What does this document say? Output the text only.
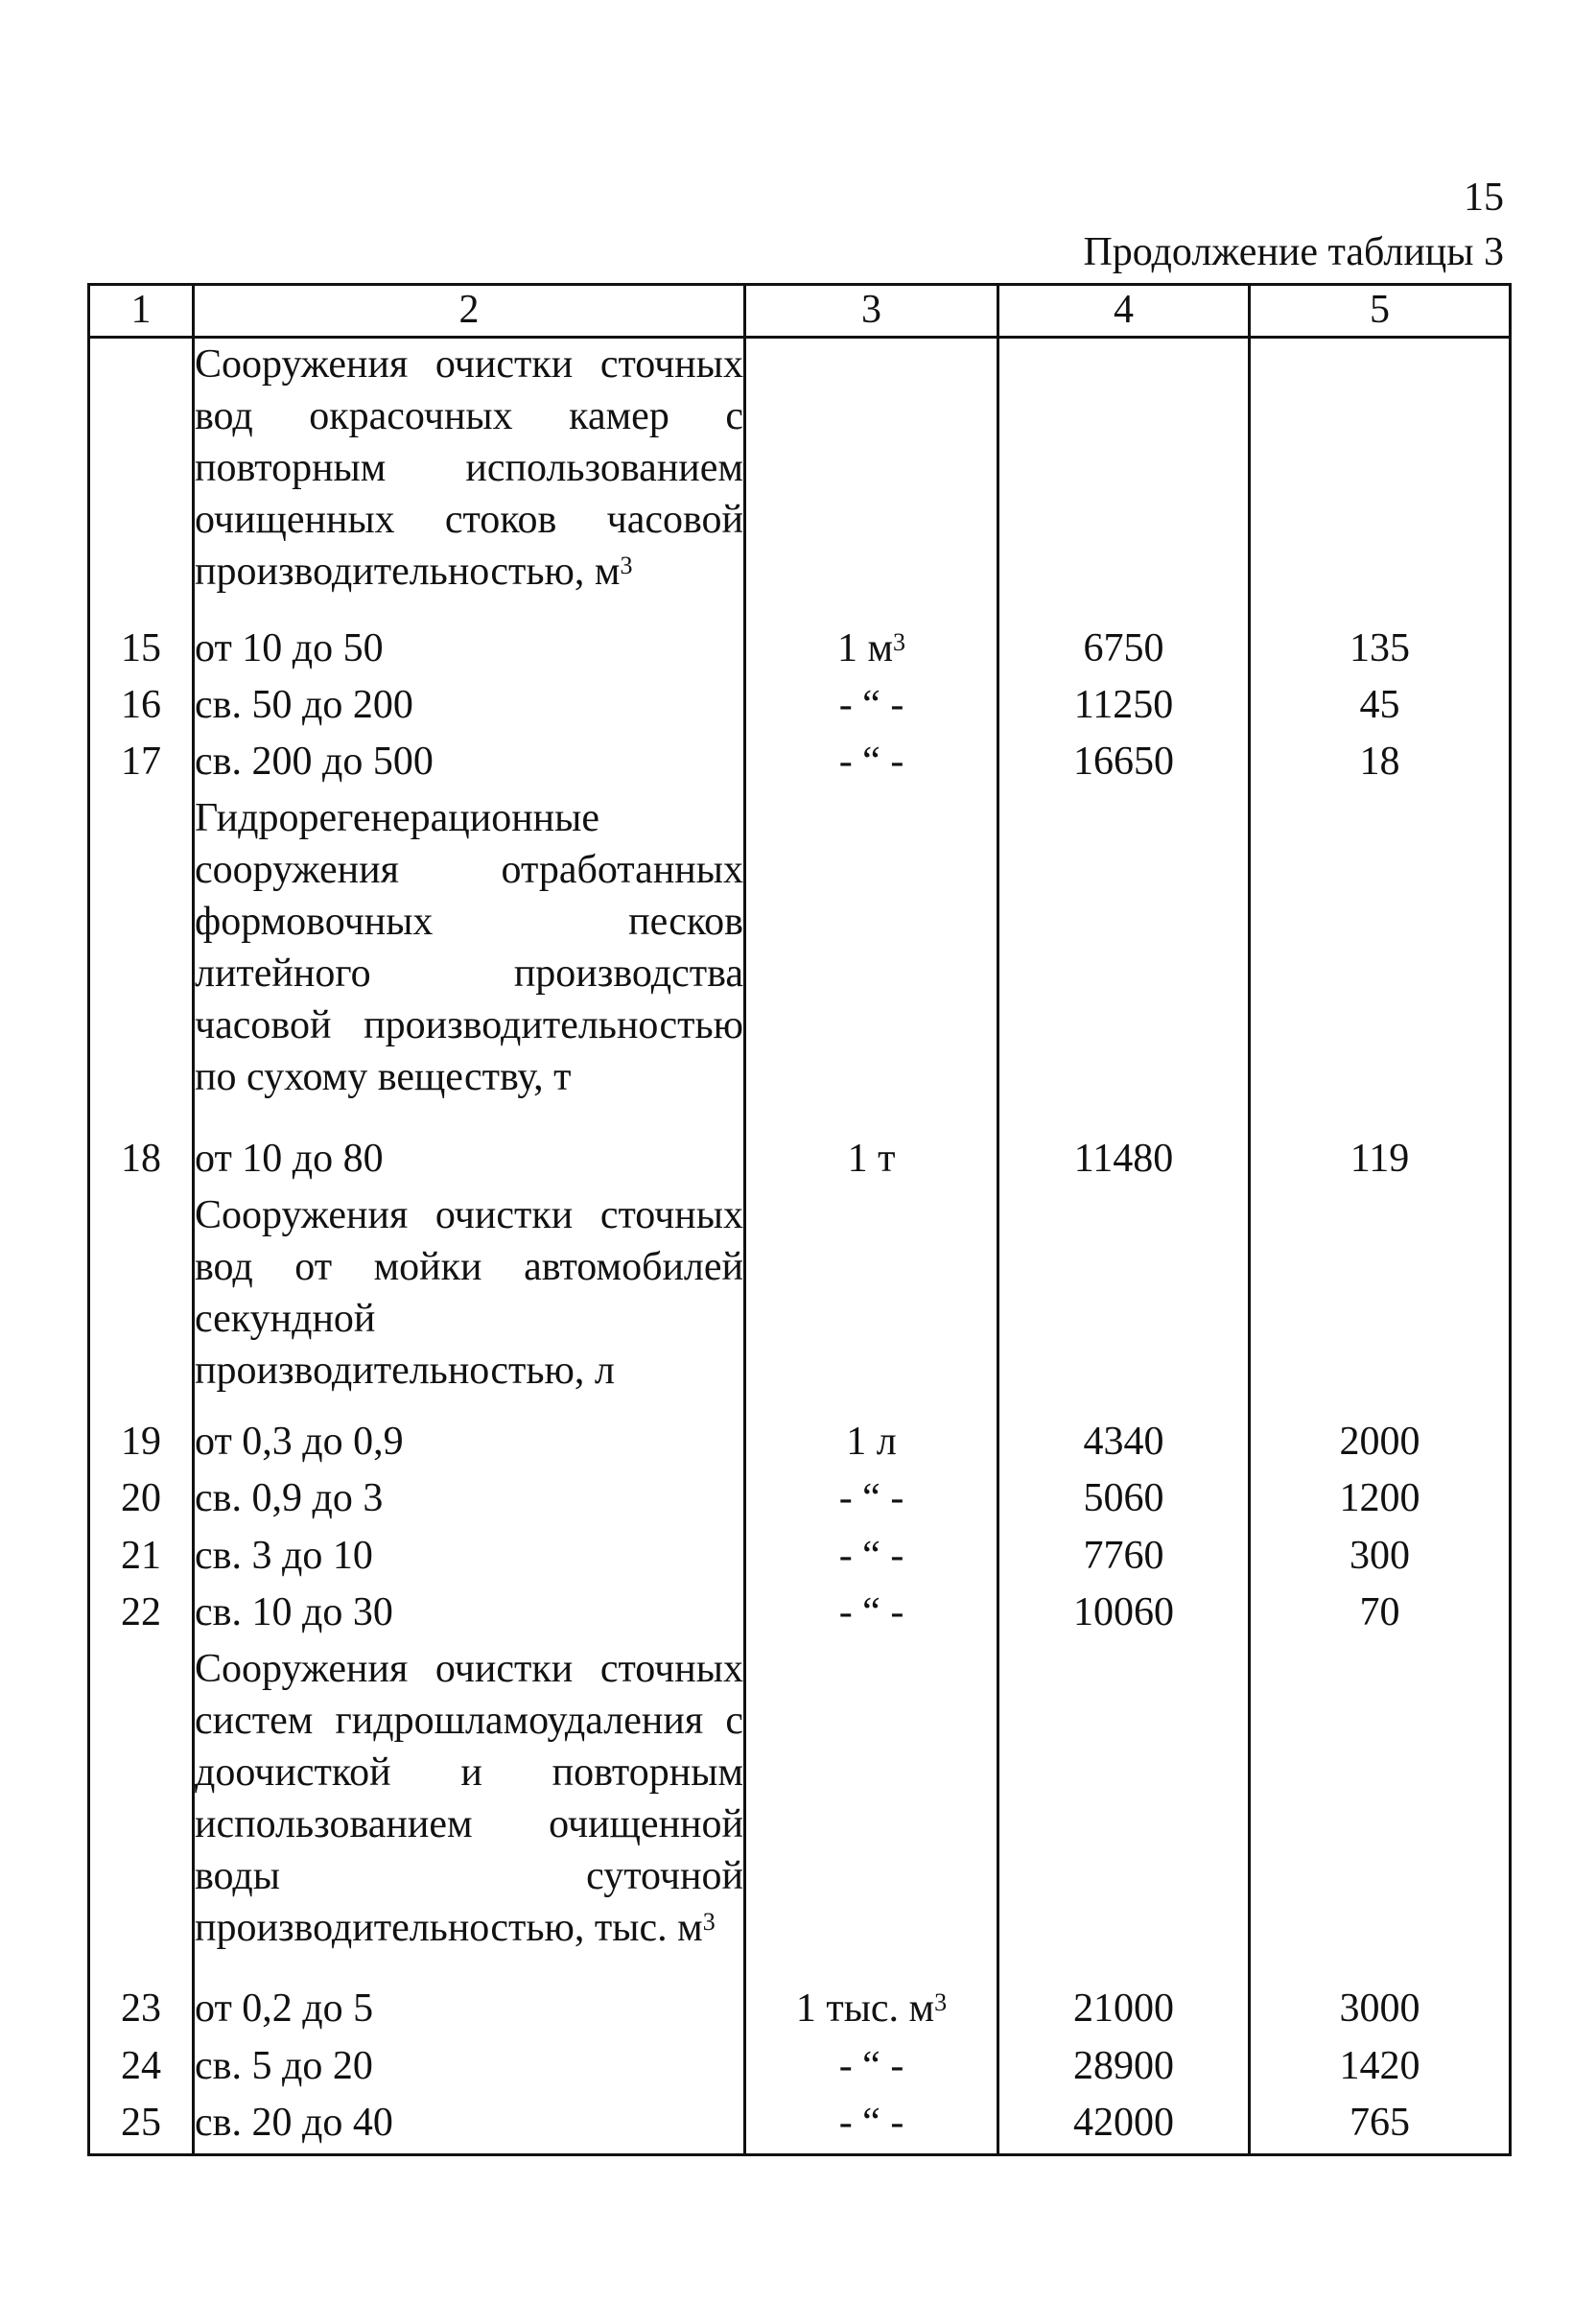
15
Продолжение таблицы 3
1	2	3	4	5
	Сооружения очистки сточных вод окрасочных камер с повторным использованием очищенных стоков часовой производительностью, $м^3$			
15	от 10 до 50	1 $м^3$	6750	135
16	св. 50 до 200	- “ -	11250	45
17	св. 200 до 500	- “ -	16650	18
	Гидрорегенерационные сооружения отработанных формовочных песков литейного производства часовой производительностью по сухому веществу, т			
18	от 10 до 80	1 т	11480	119
	Сооружения очистки сточных вод от мойки автомобилей секундной производительностью, л			
19	от 0,3 до 0,9	1 л	4340	2000
20	св. 0,9 до 3	- “ -	5060	1200
21	св. 3 до 10	- “ -	7760	300
22	св. 10 до 30	- “ -	10060	70
	Сооружения очистки сточных систем гидрошламоудаления с доочисткой и повторным использованием очищенной воды суточной производительностью, тыс. $м^3$			
23	от 0,2 до 5	1 тыс. $м^3$	21000	3000
24	св. 5 до 20	- “ -	28900	1420
25	св. 20 до 40	- “ -	42000	765
